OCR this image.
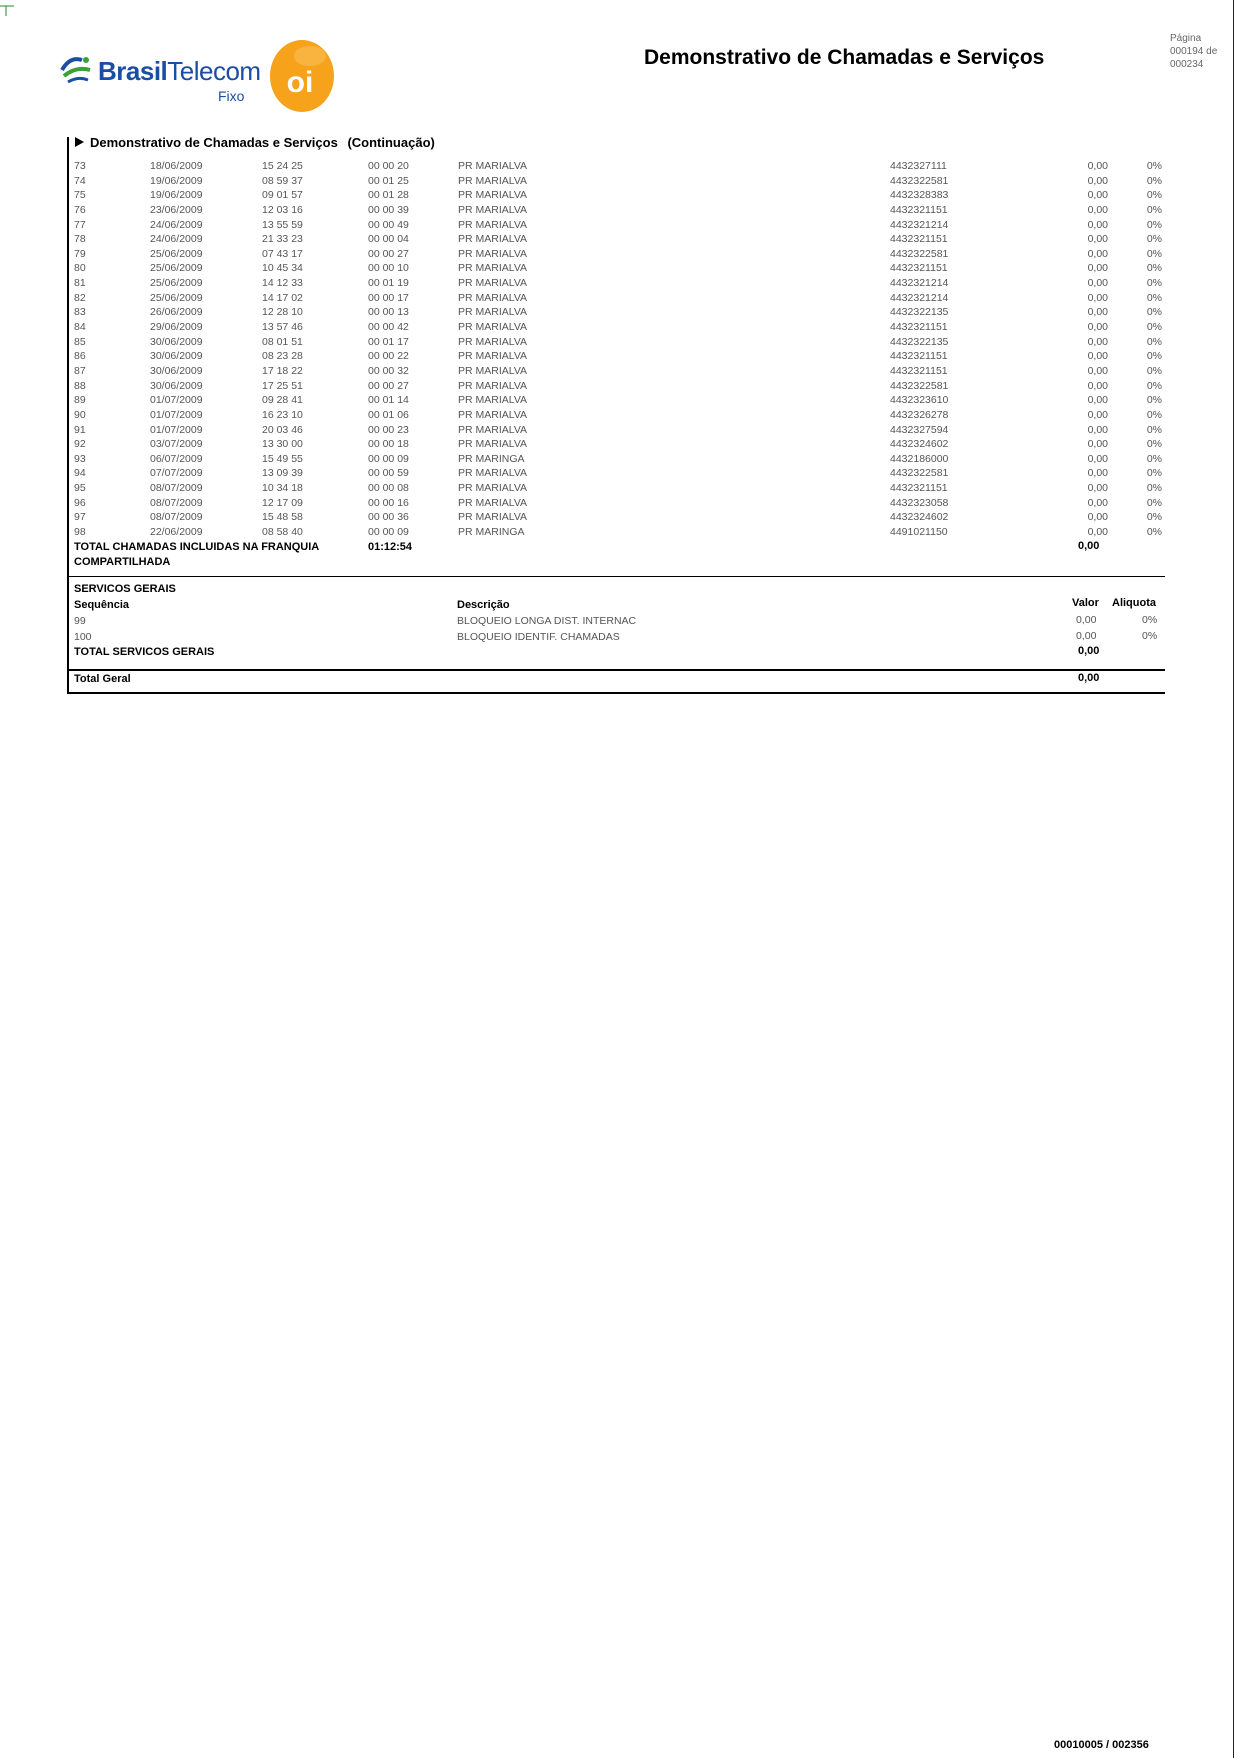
BrasilTelecom
Fixo oi
Demonstrativo de Chamadas e Serviços
Página
000194 de
000234
Demonstrativo de Chamadas e Serviços (Continuação)
73	18/06/2009	15 24 25	00 00 20	PR MARIALVA	4432327111	0,00	0%
74	19/06/2009	08 59 37	00 01 25	PR MARIALVA	4432322581	0,00	0%
75	19/06/2009	09 01 57	00 01 28	PR MARIALVA	4432328383	0,00	0%
76	23/06/2009	12 03 16	00 00 39	PR MARIALVA	4432321151	0,00	0%
77	24/06/2009	13 55 59	00 00 49	PR MARIALVA	4432321214	0,00	0%
78	24/06/2009	21 33 23	00 00 04	PR MARIALVA	4432321151	0,00	0%
79	25/06/2009	07 43 17	00 00 27	PR MARIALVA	4432322581	0,00	0%
80	25/06/2009	10 45 34	00 00 10	PR MARIALVA	4432321151	0,00	0%
81	25/06/2009	14 12 33	00 01 19	PR MARIALVA	4432321214	0,00	0%
82	25/06/2009	14 17 02	00 00 17	PR MARIALVA	4432321214	0,00	0%
83	26/06/2009	12 28 10	00 00 13	PR MARIALVA	4432322135	0,00	0%
84	29/06/2009	13 57 46	00 00 42	PR MARIALVA	4432321151	0,00	0%
85	30/06/2009	08 01 51	00 01 17	PR MARIALVA	4432322135	0,00	0%
86	30/06/2009	08 23 28	00 00 22	PR MARIALVA	4432321151	0,00	0%
87	30/06/2009	17 18 22	00 00 32	PR MARIALVA	4432321151	0,00	0%
88	30/06/2009	17 25 51	00 00 27	PR MARIALVA	4432322581	0,00	0%
89	01/07/2009	09 28 41	00 01 14	PR MARIALVA	4432323610	0,00	0%
90	01/07/2009	16 23 10	00 01 06	PR MARIALVA	4432326278	0,00	0%
91	01/07/2009	20 03 46	00 00 23	PR MARIALVA	4432327594	0,00	0%
92	03/07/2009	13 30 00	00 00 18	PR MARIALVA	4432324602	0,00	0%
93	06/07/2009	15 49 55	00 00 09	PR MARINGA	4432186000	0,00	0%
94	07/07/2009	13 09 39	00 00 59	PR MARIALVA	4432322581	0,00	0%
95	08/07/2009	10 34 18	00 00 08	PR MARIALVA	4432321151	0,00	0%
96	08/07/2009	12 17 09	00 00 16	PR MARIALVA	4432323058	0,00	0%
97	08/07/2009	15 48 58	00 00 36	PR MARIALVA	4432324602	0,00	0%
98	22/06/2009	08 58 40	00 00 09	PR MARINGA	4491021150	0,00	0%
TOTAL CHAMADAS INCLUIDAS NA FRANQUIA
COMPARTILHADA
01:12:54	0,00
SERVICOS GERAIS
Sequência	Descrição	Valor Aliquota
99	BLOQUEIO LONGA DIST. INTERNAC	0,00	0%
100	BLOQUEIO IDENTIF. CHAMADAS	0,00	0%
TOTAL SERVICOS GERAIS	0,00
Total Geral	0,00
00010005 / 002356
